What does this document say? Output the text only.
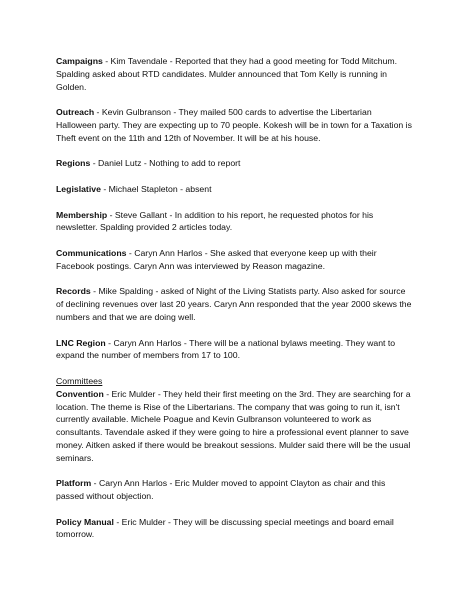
Campaigns - Kim Tavendale - Reported that they had a good meeting for Todd Mitchum. Spalding asked about RTD candidates. Mulder announced that Tom Kelly is running in Golden.

Outreach - Kevin Gulbranson - They mailed 500 cards to advertise the Libertarian Halloween party. They are expecting up to 70 people. Kokesh will be in town for a Taxation is Theft event on the 11th and 12th of November. It will be at his house.

Regions - Daniel Lutz - Nothing to add to report

Legislative - Michael Stapleton - absent

Membership - Steve Gallant - In addition to his report, he requested photos for his newsletter. Spalding provided 2 articles today.

Communications - Caryn Ann Harlos - She asked that everyone keep up with their Facebook postings. Caryn Ann was interviewed by Reason magazine.

Records - Mike Spalding - asked of Night of the Living Statists party. Also asked for source of declining revenues over last 20 years. Caryn Ann responded that the year 2000 skews the numbers and that we are doing well.

LNC Region - Caryn Ann Harlos - There will be a national bylaws meeting. They want to expand the number of members from 17 to 100.

Committees

Convention - Eric Mulder - They held their first meeting on the 3rd. They are searching for a location. The theme is Rise of the Libertarians. The company that was going to run it, isn't currently available. Michele Poague and Kevin Gulbranson volunteered to work as consultants. Tavendale asked if they were going to hire a professional event planner to save money. Aitken asked if there would be breakout sessions. Mulder said there will be the usual seminars.

Platform - Caryn Ann Harlos - Eric Mulder moved to appoint Clayton as chair and this passed without objection.

Policy Manual - Eric Mulder - They will be discussing special meetings and board email tomorrow.
